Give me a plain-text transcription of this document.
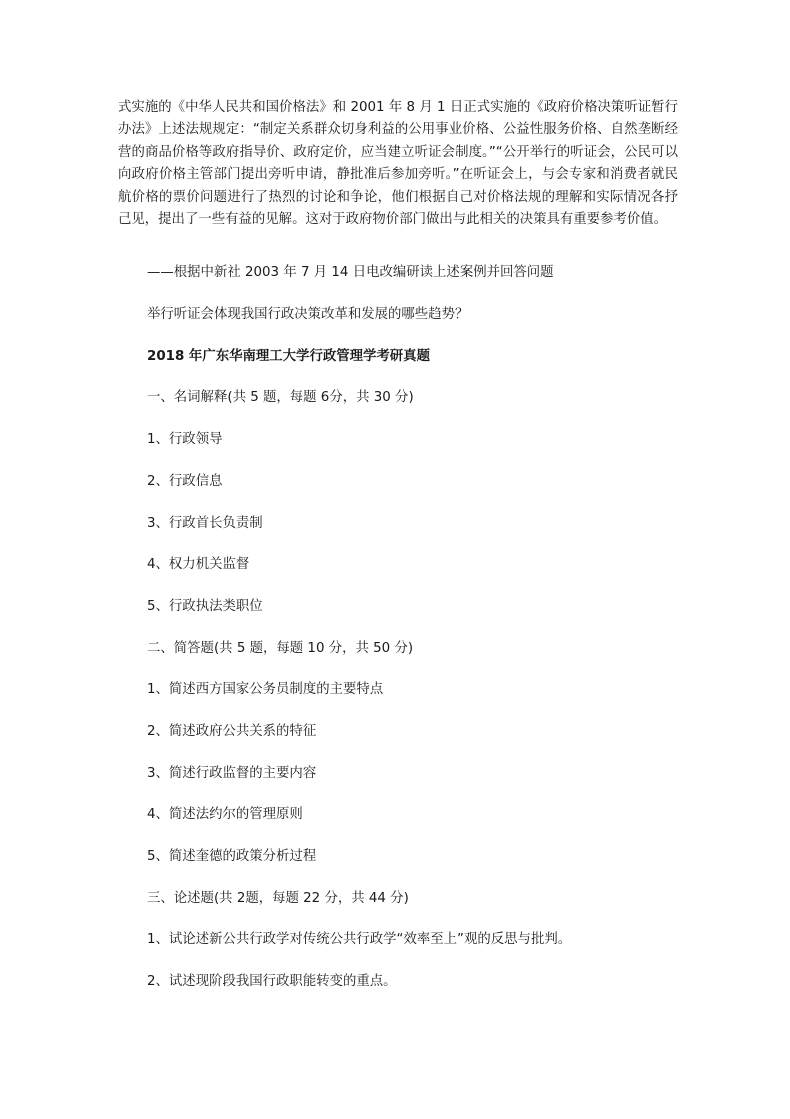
式实施的《中华人民共和国价格法》和 2001 年 8 月 1 日正式实施的《政府价格决策听证暂行办法》上述法规规定：“制定关系群众切身利益的公用事业价格、公益性服务价格、自然垄断经营的商品价格等政府指导价、政府定价，应当建立听证会制度。”“公开举行的听证会，公民可以向政府价格主管部门提出旁听申请，静批准后参加旁听。”在听证会上，与会专家和消费者就民航价格的票价问题进行了热烈的讨论和争论，他们根据自己对价格法规的理解和实际情况各抒己见，提出了一些有益的见解。这对于政府物价部门做出与此相关的决策具有重要参考价值。

——根据中新社 2003 年 7 月 14 日电改编研读上述案例并回答问题
举行听证会体现我国行政决策改革和发展的哪些趋势？
2018 年广东华南理工大学行政管理学考研真题
一、名词解释(共 5 题，每题 6分，共 30 分)
1、行政领导
2、行政信息
3、行政首长负责制
4、权力机关监督
5、行政执法类职位
二、简答题(共 5 题，每题 10 分，共 50 分)
1、简述西方国家公务员制度的主要特点
2、简述政府公共关系的特征
3、简述行政监督的主要内容
4、简述法约尔的管理原则
5、简述奎德的政策分析过程
三、论述题(共 2题，每题 22 分，共 44 分)
1、试论述新公共行政学对传统公共行政学“效率至上”观的反思与批判。
2、试述现阶段我国行政职能转变的重点。
